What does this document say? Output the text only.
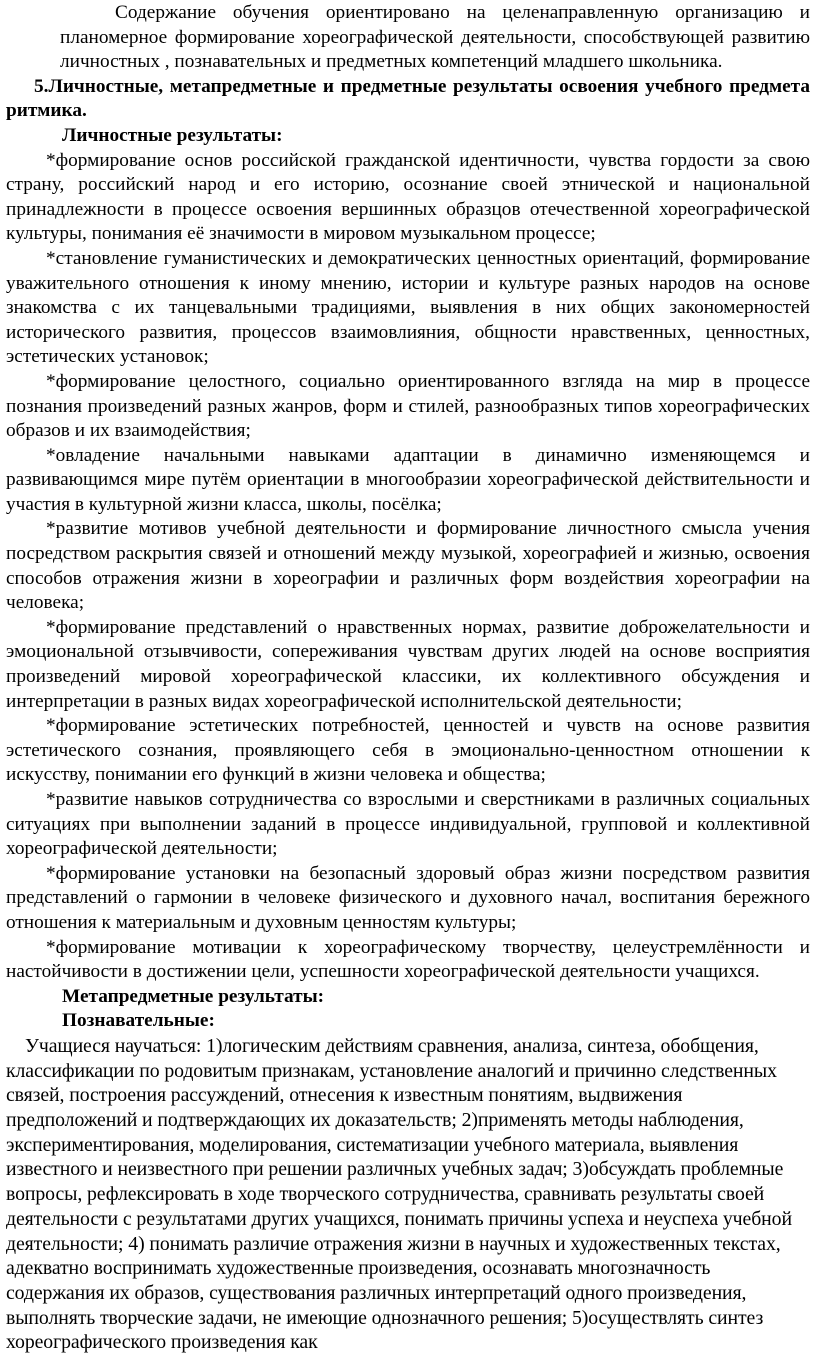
Содержание обучения ориентировано на целенаправленную организацию и планомерное формирование хореографической деятельности, способствующей развитию личностных , познавательных и предметных компетенций младшего школьника.

5.Личностные, метапредметные и предметные результаты освоения учебного предмета ритмика.

Личностные результаты:

*формирование основ российской гражданской идентичности, чувства гордости за свою страну, российский народ и его историю, осознание своей этнической и национальной принадлежности в процессе освоения вершинных образцов отечественной хореографической культуры, понимания её значимости в мировом музыкальном процессе;

*становление гуманистических и демократических ценностных ориентаций, формирование уважительного отношения к иному мнению, истории и культуре разных народов на основе знакомства с их танцевальными традициями, выявления в них общих закономерностей исторического развития, процессов взаимовлияния, общности нравственных, ценностных, эстетических установок;

*формирование целостного, социально ориентированного взгляда на мир в процессе познания произведений разных жанров, форм и стилей, разнообразных типов хореографических образов и их взаимодействия;

*овладение начальными навыками адаптации в динамично изменяющемся и развивающимся мире путём ориентации в многообразии хореографической действительности и участия в культурной жизни класса, школы, посёлка;

*развитие мотивов учебной деятельности и формирование личностного смысла учения посредством раскрытия связей и отношений между музыкой, хореографией и жизнью, освоения способов отражения жизни в хореографии и различных форм воздействия хореографии на человека;

*формирование представлений о нравственных нормах, развитие доброжелательности и эмоциональной отзывчивости, сопереживания чувствам других людей на основе восприятия произведений мировой хореографической классики, их коллективного обсуждения и интерпретации в разных видах хореографической исполнительской деятельности;

*формирование эстетических потребностей, ценностей и чувств на основе развития эстетического сознания, проявляющего себя в эмоционально-ценностном отношении к искусству, понимании его функций в жизни человека и общества;

*развитие навыков сотрудничества со взрослыми и сверстниками в различных социальных ситуациях при выполнении заданий в процессе индивидуальной, групповой и коллективной хореографической деятельности;

*формирование установки на безопасный здоровый образ жизни посредством развития представлений о гармонии в человеке физического и духовного начал, воспитания бережного отношения к материальным и духовным ценностям культуры;

*формирование мотивации к хореографическому творчеству, целеустремлённости и настойчивости в достижении цели, успешности хореографической деятельности учащихся.

Метапредметные результаты:

Познавательные:

Учащиеся научаться: 1)логическим действиям сравнения, анализа, синтеза, обобщения, классификации по родовитым признакам, установление аналогий и причинно следственных связей, построения рассуждений, отнесения к известным понятиям, выдвижения предположений и подтверждающих их доказательств; 2)применять методы наблюдения, экспериментирования, моделирования, систематизации учебного материала, выявления известного и неизвестного при решении различных учебных задач; 3)обсуждать проблемные вопросы, рефлексировать в ходе творческого сотрудничества, сравнивать результаты своей деятельности с результатами других учащихся, понимать причины успеха и неуспеха учебной деятельности; 4) понимать различие отражения жизни в научных и художественных текстах, адекватно воспринимать художественные произведения, осознавать многозначность содержания их образов, существования различных интерпретаций одного произведения, выполнять творческие задачи, не имеющие однозначного решения; 5)осуществлять синтез хореографического произведения как
